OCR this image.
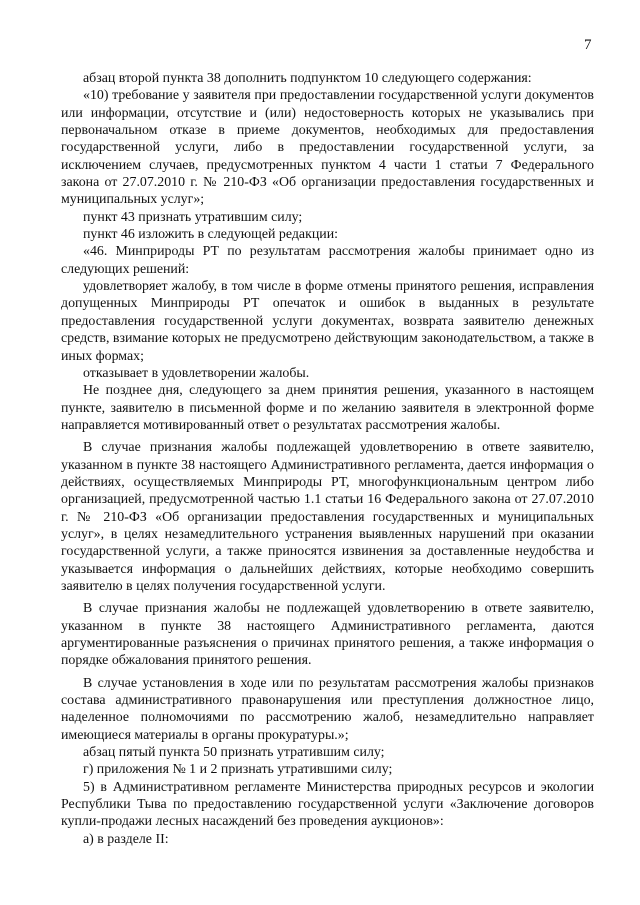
7

абзац второй пункта 38 дополнить подпунктом 10 следующего содержания:

«10) требование у заявителя при предоставлении государственной услуги документов или информации, отсутствие и (или) недостоверность которых не указывались при первоначальном отказе в приеме документов, необходимых для предоставления государственной услуги, либо в предоставлении государственной услуги, за исключением случаев, предусмотренных пунктом 4 части 1 статьи 7 Федерального закона от 27.07.2010 г. № 210-ФЗ «Об организации предоставления государственных и муниципальных услуг»;

пункт 43 признать утратившим силу;

пункт 46 изложить в следующей редакции:

«46. Минприроды РТ по результатам рассмотрения жалобы принимает одно из следующих решений:

удовлетворяет жалобу, в том числе в форме отмены принятого решения, исправления допущенных Минприроды РТ опечаток и ошибок в выданных в результате предоставления государственной услуги документах, возврата заявителю денежных средств, взимание которых не предусмотрено действующим законодательством, а также в иных формах;

отказывает в удовлетворении жалобы.

Не позднее дня, следующего за днем принятия решения, указанного в настоящем пункте, заявителю в письменной форме и по желанию заявителя в электронной форме направляется мотивированный ответ о результатах рассмотрения жалобы.

В случае признания жалобы подлежащей удовлетворению в ответе заявителю, указанном в пункте 38 настоящего Административного регламента, дается информация о действиях, осуществляемых Минприроды РТ, многофункциональным центром либо организацией, предусмотренной частью 1.1 статьи 16 Федерального закона от 27.07.2010 г. № 210-ФЗ «Об организации предоставления государственных и муниципальных услуг», в целях незамедлительного устранения выявленных нарушений при оказании государственной услуги, а также приносятся извинения за доставленные неудобства и указывается информация о дальнейших действиях, которые необходимо совершить заявителю в целях получения государственной услуги.

В случае признания жалобы не подлежащей удовлетворению в ответе заявителю, указанном в пункте 38 настоящего Административного регламента, даются аргументированные разъяснения о причинах принятого решения, а также информация о порядке обжалования принятого решения.

В случае установления в ходе или по результатам рассмотрения жалобы признаков состава административного правонарушения или преступления должностное лицо, наделенное полномочиями по рассмотрению жалоб, незамедлительно направляет имеющиеся материалы в органы прокуратуры.»;

абзац пятый пункта 50 признать утратившим силу;

г) приложения № 1 и 2 признать утратившими силу;

5) в Административном регламенте Министерства природных ресурсов и экологии Республики Тыва по предоставлению государственной услуги «Заключение договоров купли-продажи лесных насаждений без проведения аукционов»:

а) в разделе II:
